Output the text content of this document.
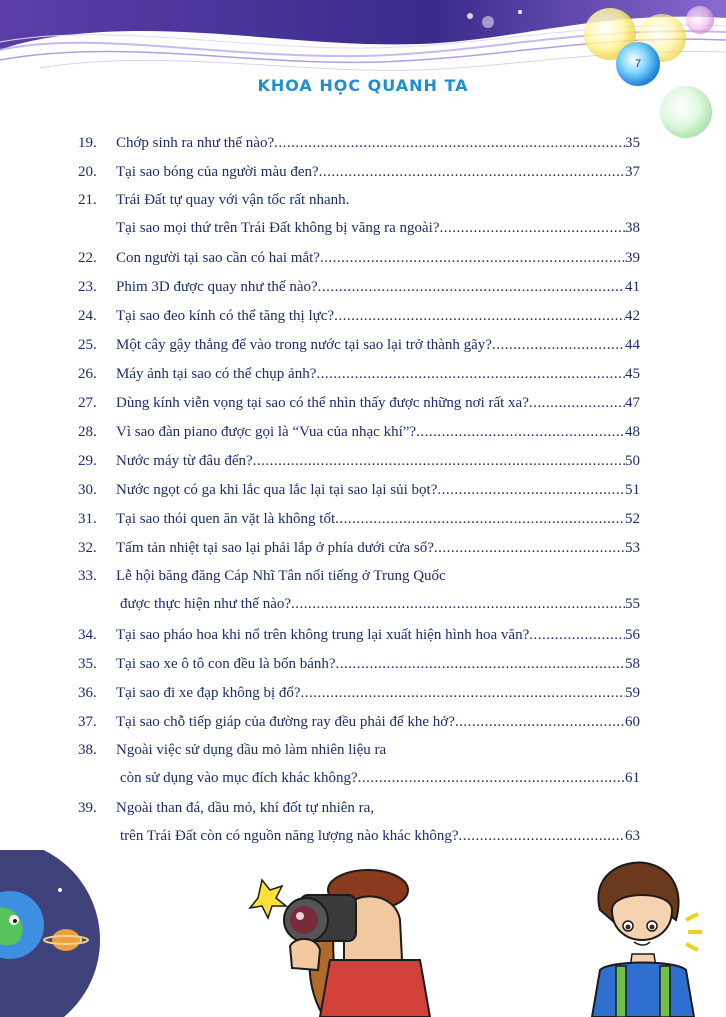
7
KHOA HỌC QUANH TA
19.	Chớp sinh ra như thế nào? .....	35
20.	Tại sao bóng của người màu đen? .....	37
21.	Trái Đất tự quay với vận tốc rất nhanh.
Tại sao mọi thứ trên Trái Đất không bị văng ra ngoài? .....	38
22.	Con người tại sao cần có hai mắt? .....	39
23.	Phim 3D được quay như thế nào? .....	41
24.	Tại sao đeo kính có thể tăng thị lực? .....	42
25.	Một cây gậy thẳng để vào trong nước tại sao lại trở thành gãy? .....	44
26.	Máy ảnh tại sao có thể chụp ảnh? .....	45
27.	Dùng kính viễn vọng tại sao có thể nhìn thấy được những nơi rất xa? .....	47
28.	Vì sao đàn piano được gọi là “Vua của nhạc khí”? .....	48
29.	Nước máy từ đâu đến? .....	50
30.	Nước ngọt có ga khi lắc qua lắc lại tại sao lại sủi bọt? .....	51
31.	Tại sao thói quen ăn vặt là không tốt .....	52
32.	Tấm tản nhiệt tại sao lại phải lắp ở phía dưới cửa sổ? .....	53
33.	Lễ hội băng đăng Cáp Nhĩ Tân nổi tiếng ở Trung Quốc
được thực hiện như thế nào? .....	55
34.	Tại sao pháo hoa khi nổ trên không trung lại xuất hiện hình hoa văn? .....	56
35.	Tại sao xe ô tô con đều là bốn bánh? .....	58
36.	Tại sao đi xe đạp không bị đổ? .....	59
37.	Tại sao chỗ tiếp giáp của đường ray đều phải để khe hở? .....	60
38.	Ngoài việc sử dụng dầu mỏ làm nhiên liệu ra
còn sử dụng vào mục đích khác không? .....	61
39.	Ngoài than đá, dầu mỏ, khí đốt tự nhiên ra,
trên Trái Đất còn có nguồn năng lượng nào khác không? .....	63
